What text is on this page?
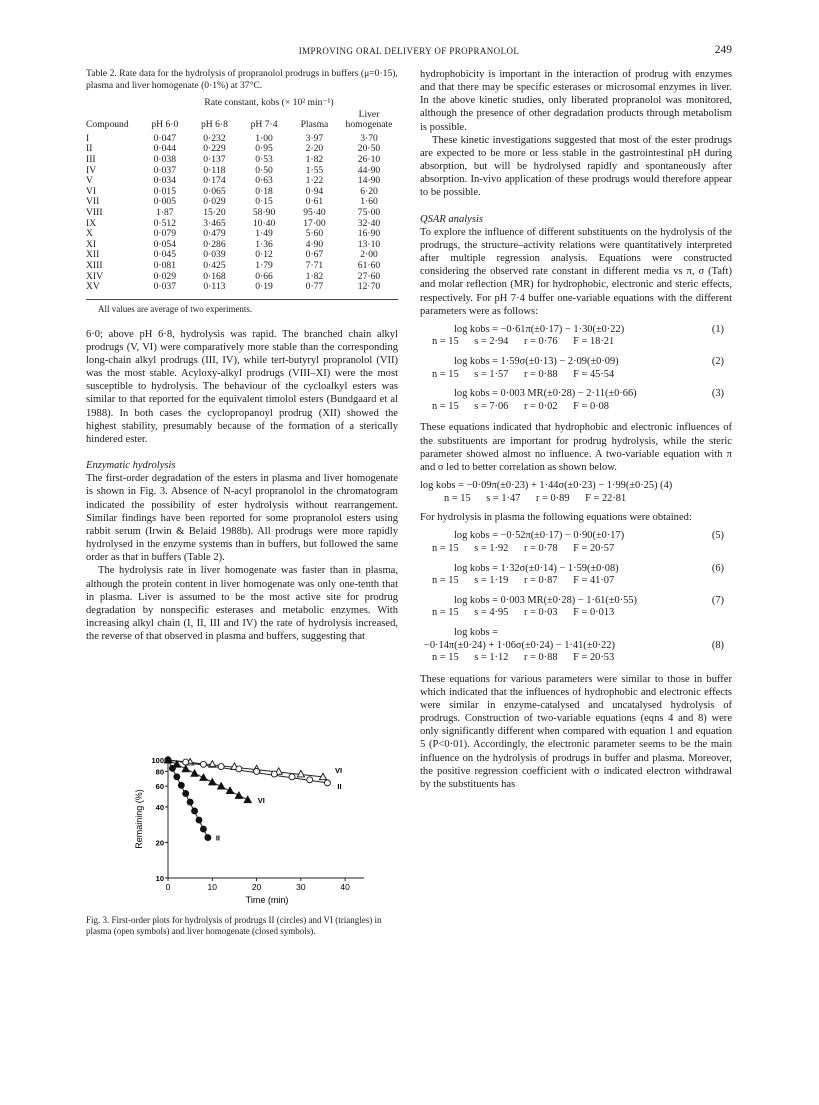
IMPROVING ORAL DELIVERY OF PROPRANOLOL	249

Table 2. Rate data for the hydrolysis of propranolol prodrugs in buffers (μ=0·15), plasma and liver homogenate (0·1%) at 37°C.

	Rate constant, kobs (× 10² min⁻¹)				
Compound	pH 6·0	pH 6·8	pH 7·4	Plasma	Liver homogenate
I	0·047	0·232	1·00	3·97	3·70
II	0·044	0·229	0·95	2·20	20·50
III	0·038	0·137	0·53	1·82	26·10
IV	0·037	0·118	0·50	1·55	44·90
V	0·034	0·174	0·63	1·22	14·90
VI	0·015	0·065	0·18	0·94	6·20
VII	0·005	0·029	0·15	0·61	1·60
VIII	1·87	15·20	58·90	95·40	75·00
IX	0·512	3·465	10·40	17·00	32·40
X	0·079	0·479	1·49	5·60	16·90
XI	0·054	0·286	1·36	4·90	13·10
XII	0·045	0·039	0·12	0·67	2·00
XIII	0·081	0·425	1·79	7·71	61·60
XIV	0·029	0·168	0·66	1·82	27·60
XV	0·037	0·113	0·19	0·77	12·70
All values are average of two experiments.

6·0; above pH 6·8, hydrolysis was rapid. The branched chain alkyl prodrugs (V, VI) were comparatively more stable than the corresponding long-chain alkyl prodrugs (III, IV), while tert-butyryl propranolol (VII) was the most stable. Acyloxy-alkyl prodrugs (VIII–XI) were the most susceptible to hydrolysis. The behaviour of the cycloalkyl esters was similar to that reported for the equivalent timolol esters (Bundgaard et al 1988). In both cases the cyclopropanoyl prodrug (XII) showed the highest stability, presumably because of the formation of a sterically hindered ester.

Enzymatic hydrolysis

The first-order degradation of the esters in plasma and liver homogenate is shown in Fig. 3. Absence of N-acyl propranolol in the chromatogram indicated the possibility of ester hydrolysis without rearrangement. Similar findings have been reported for some propranolol esters using rabbit serum (Irwin & Belaid 1988b). All prodrugs were more rapidly hydrolysed in the enzyme systems than in buffers, but followed the same order as that in buffers (Table 2).

The hydrolysis rate in liver homogenate was faster than in plasma, although the protein content in liver homogenate was only one-tenth that in plasma. Liver is assumed to be the most active site for prodrug degradation by nonspecific esterases and metabolic enzymes. With increasing alkyl chain (I, II, III and IV) the rate of hydrolysis increased, the reverse of that observed in plasma and buffers, suggesting that

100
80
60
40
20
10
0	10	20	30	40
Time (min)
Remaining (%)
VI
II
VI
II
Fig. 3. First-order plots for hydrolysis of prodrugs II (circles) and VI (triangles) in plasma (open symbols) and liver homogenate (closed symbols).

hydrophobicity is important in the interaction of prodrug with enzymes and that there may be specific esterases or microsomal enzymes in liver. In the above kinetic studies, only liberated propranolol was monitored, although the presence of other degradation products through metabolism is possible.

These kinetic investigations suggested that most of the ester prodrugs are expected to be more or less stable in the gastrointestinal pH during absorption, but will be hydrolysed rapidly and spontaneously after absorption. In-vivo application of these prodrugs would therefore appear to be possible.

QSAR analysis

To explore the influence of different substituents on the hydrolysis of the prodrugs, the structure–activity relations were quantitatively interpreted after multiple regression analysis. Equations were constructed considering the observed rate constant in different media vs π, σ (Taft) and molar reflection (MR) for hydrophobic, electronic and steric effects, respectively. For pH 7·4 buffer one-variable equations with the different parameters were as follows:

log kobs = −0·61π(±0·17) − 1·30(±0·22)
n = 15      s = 2·94      r = 0·76      F = 18·21
(1)
log kobs = 1·59σ(±0·13) − 2·09(±0·09)
n = 15      s = 1·57      r = 0·88      F = 45·54
(2)
log kobs = 0·003 MR(±0·28) − 2·11(±0·66)
n = 15      s = 7·06      r = 0·02      F = 0·08
(3)

These equations indicated that hydrophobic and electronic influences of the substituents are important for prodrug hydrolysis, while the steric parameter showed almost no influence. A two-variable equation with π and σ led to better correlation as shown below.

log kobs = −0·09π(±0·23) + 1·44σ(±0·23) − 1·99(±0·25) (4)
n = 15      s = 1·47      r = 0·89      F = 22·81

For hydrolysis in plasma the following equations were obtained:

log kobs = −0·52π(±0·17) − 0·90(±0·17)
n = 15      s = 1·92      r = 0·78      F = 20·57
(5)
log kobs = 1·32σ(±0·14) − 1·59(±0·08)
n = 15      s = 1·19      r = 0·87      F = 41·07
(6)
log kobs = 0·003 MR(±0·28) − 1·61(±0·55)
n = 15      s = 4·95      r = 0·03      F = 0·013
(7)
log kobs =
−0·14π(±0·24) + 1·06σ(±0·24) − 1·41(±0·22)
n = 15      s = 1·12      r = 0·88      F = 20·53
(8)

These equations for various parameters were similar to those in buffer which indicated that the influences of hydrophobic and electronic effects were similar in enzyme-catalysed and uncatalysed hydrolysis of prodrugs. Construction of two-variable equations (eqns 4 and 8) were only significantly different when compared with equation 1 and equation 5 (P<0·01). Accordingly, the electronic parameter seems to be the main influence on the hydrolysis of prodrugs in buffer and plasma. Moreover, the positive regression coefficient with σ indicated electron withdrawal by the substituents has
